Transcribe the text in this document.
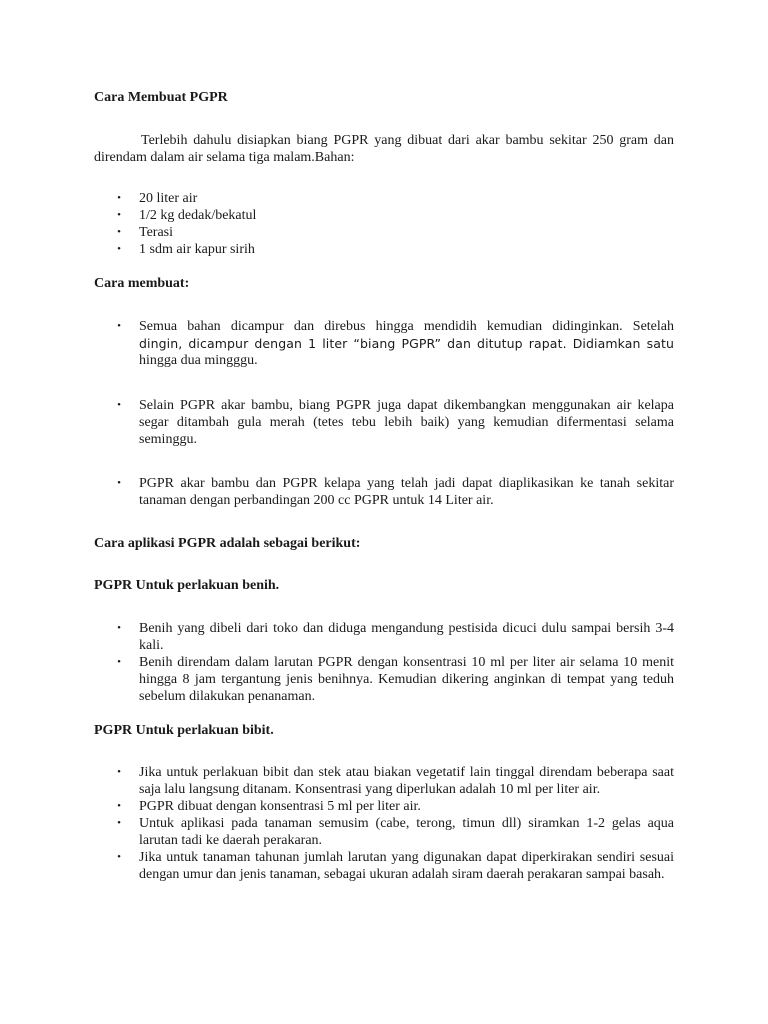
Cara Membuat PGPR

Terlebih dahulu disiapkan biang PGPR yang dibuat dari akar bambu sekitar 250 gram dan direndam dalam air selama tiga malam.Bahan:

• 20 liter air
• 1/2 kg dedak/bekatul
• Terasi
• 1 sdm air kapur sirih

Cara membuat:

• Semua bahan dicampur dan direbus hingga mendidih kemudian didinginkan. Setelah
dingin, dicampur dengan 1 liter “biang PGPR” dan ditutup rapat. Didiamkan satu
hingga dua mingggu.
• Selain PGPR akar bambu, biang PGPR juga dapat dikembangkan menggunakan air kelapa segar ditambah gula merah (tetes tebu lebih baik) yang kemudian difermentasi selama seminggu.
• PGPR akar bambu dan PGPR kelapa yang telah jadi dapat diaplikasikan ke tanah sekitar tanaman dengan perbandingan 200 cc PGPR untuk 14 Liter air.

Cara aplikasi PGPR adalah sebagai berikut:

PGPR Untuk perlakuan benih.

• Benih yang dibeli dari toko dan diduga mengandung pestisida dicuci dulu sampai bersih 3-4 kali.
• Benih direndam dalam larutan PGPR dengan konsentrasi 10 ml per liter air selama 10 menit hingga 8 jam tergantung jenis benihnya. Kemudian dikering anginkan di tempat yang teduh sebelum dilakukan penanaman.

PGPR Untuk perlakuan bibit.

• Jika untuk perlakuan bibit dan stek atau biakan vegetatif lain tinggal direndam beberapa saat saja lalu langsung ditanam. Konsentrasi yang diperlukan adalah 10 ml per liter air.
• PGPR dibuat dengan konsentrasi 5 ml per liter air.
• Untuk aplikasi pada tanaman semusim (cabe, terong, timun dll) siramkan 1-2 gelas aqua larutan tadi ke daerah perakaran.
• Jika untuk tanaman tahunan jumlah larutan yang digunakan dapat diperkirakan sendiri sesuai dengan umur dan jenis tanaman, sebagai ukuran adalah siram daerah perakaran sampai basah.
